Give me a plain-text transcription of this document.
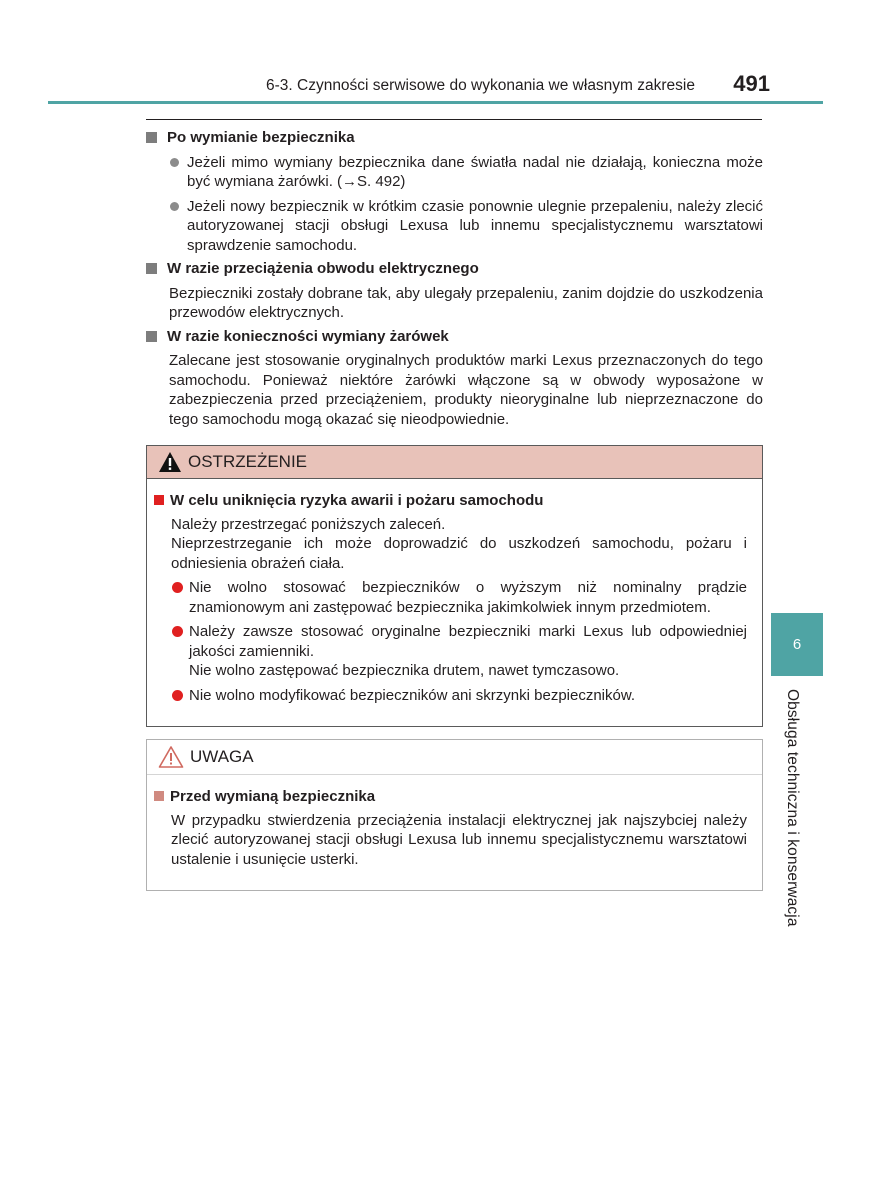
6-3. Czynności serwisowe do wykonania we własnym zakresie	491
Po wymianie bezpiecznika
Jeżeli mimo wymiany bezpiecznika dane światła nadal nie działają, konieczna może być wymiana żarówki. (→S. 492)
Jeżeli nowy bezpiecznik w krótkim czasie ponownie ulegnie przepaleniu, należy zlecić autoryzowanej stacji obsługi Lexusa lub innemu specjalistycznemu warsztatowi sprawdzenie samochodu.
W razie przeciążenia obwodu elektrycznego
Bezpieczniki zostały dobrane tak, aby ulegały przepaleniu, zanim dojdzie do uszkodzenia przewodów elektrycznych.
W razie konieczności wymiany żarówek
Zalecane jest stosowanie oryginalnych produktów marki Lexus przeznaczonych do tego samochodu. Ponieważ niektóre żarówki włączone są w obwody wyposażone w zabezpieczenia przed przeciążeniem, produkty nieoryginalne lub nieprzeznaczone do tego samochodu mogą okazać się nieodpowiednie.
OSTRZEŻENIE
W celu uniknięcia ryzyka awarii i pożaru samochodu
Należy przestrzegać poniższych zaleceń.
Nieprzestrzeganie ich może doprowadzić do uszkodzeń samochodu, pożaru i odniesienia obrażeń ciała.
Nie wolno stosować bezpieczników o wyższym niż nominalny prądzie znamionowym ani zastępować bezpiecznika jakimkolwiek innym przedmiotem.
Należy zawsze stosować oryginalne bezpieczniki marki Lexus lub odpowiedniej jakości zamienniki.
Nie wolno zastępować bezpiecznika drutem, nawet tymczasowo.
Nie wolno modyfikować bezpieczników ani skrzynki bezpieczników.
UWAGA
Przed wymianą bezpiecznika
W przypadku stwierdzenia przeciążenia instalacji elektrycznej jak najszybciej należy zlecić autoryzowanej stacji obsługi Lexusa lub innemu specjalistycznemu warsztatowi ustalenie i usunięcie usterki.
6
Obsługa techniczna i konserwacja
